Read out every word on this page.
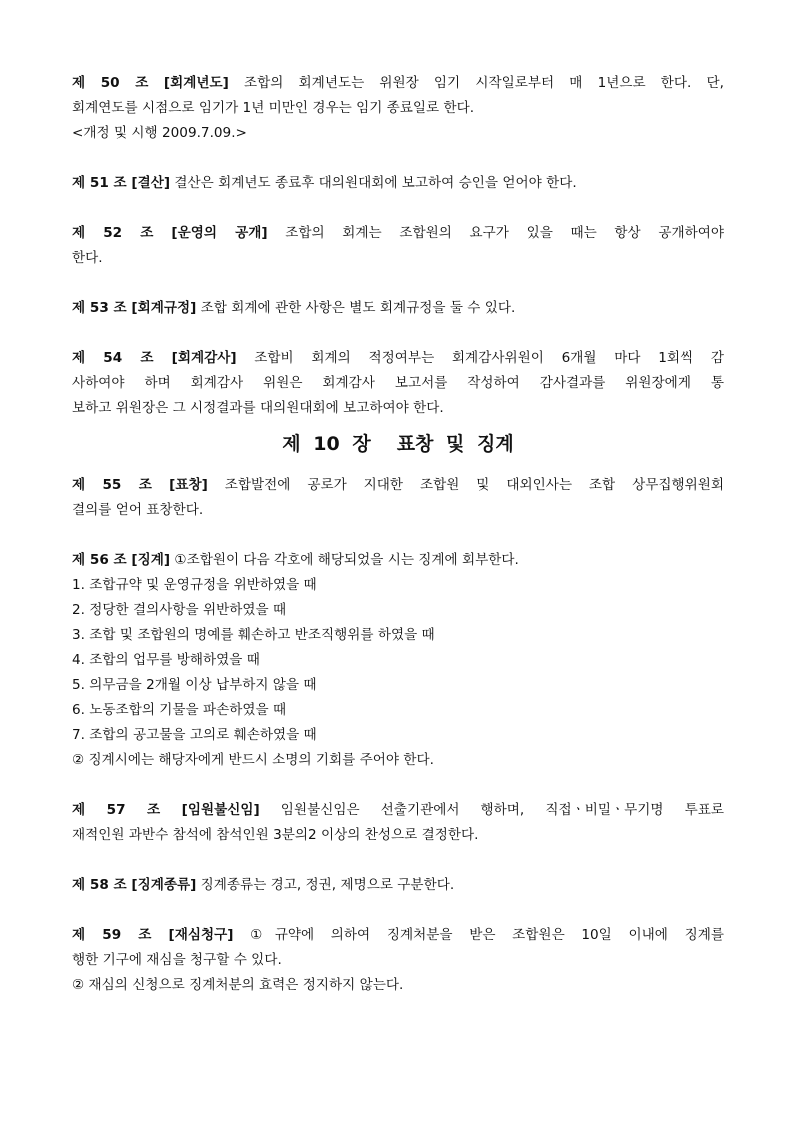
제 50 조 [회계년도] 조합의 회계년도는 위원장 임기 시작일로부터 매 1년으로 한다. 단,
회계연도를 시점으로 임기가 1년 미만인 경우는 임기 종료일로 한다.
<개정 및 시행 2009.7.09.>
제 51 조 [결산] 결산은 회계년도 종료후 대의원대회에 보고하여 승인을 얻어야 한다.
제 52 조 [운영의 공개] 조합의 회계는 조합원의 요구가 있을 때는 항상 공개하여야
한다.
제 53 조 [회계규정] 조합 회계에 관한 사항은 별도 회계규정을 둘 수 있다.
제 54 조 [회계감사] 조합비 회계의 적정여부는 회계감사위원이 6개월 마다 1회씩 감
사하여야 하며 회계감사 위원은 회계감사 보고서를 작성하여 감사결과를 위원장에게 통
보하고 위원장은 그 시정결과를 대의원대회에 보고하여야 한다.
제 10 장 표창 및 징계
제 55 조 [표창] 조합발전에 공로가 지대한 조합원 및 대외인사는 조합 상무집행위원회
결의를 얻어 표창한다.
제 56 조 [징계] ①조합원이 다음 각호에 해당되었을 시는 징계에 회부한다.
1. 조합규약 및 운영규정을 위반하였을 때
2. 정당한 결의사항을 위반하였을 때
3. 조합 및 조합원의 명예를 훼손하고 반조직행위를 하였을 때
4. 조합의 업무를 방해하였을 때
5. 의무금을 2개월 이상 납부하지 않을 때
6. 노동조합의 기물을 파손하였을 때
7. 조합의 공고물을 고의로 훼손하였을 때
② 징계시에는 해당자에게 반드시 소명의 기회를 주어야 한다.
제 57 조 [임원불신임] 임원불신임은 선출기관에서 행하며, 직접ㆍ비밀ㆍ무기명 투표로
재적인원 과반수 참석에 참석인원 3분의2 이상의 찬성으로 결정한다.
제 58 조 [징계종류] 징계종류는 경고, 정권, 제명으로 구분한다.
제 59 조 [재심청구] ①규약에 의하여 징계처분을 받은 조합원은 10일 이내에 징계를
행한 기구에 재심을 청구할 수 있다.
② 재심의 신청으로 징계처분의 효력은 정지하지 않는다.
